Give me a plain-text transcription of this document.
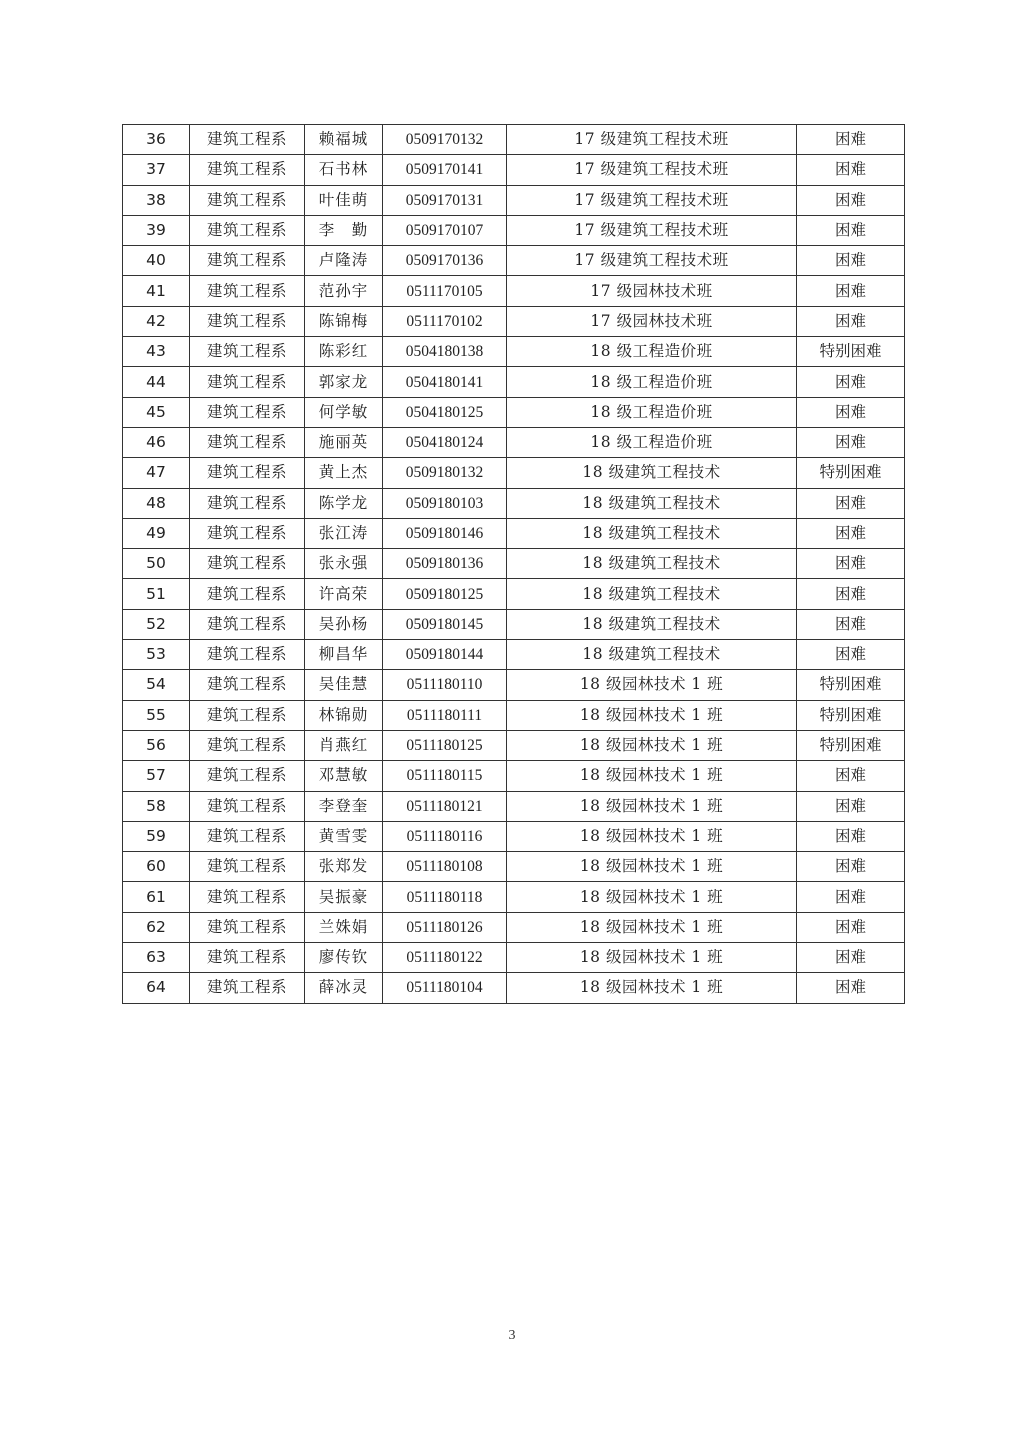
36	建筑工程系	赖福城	0509170132	17 级建筑工程技术班	困难
37	建筑工程系	石书林	0509170141	17 级建筑工程技术班	困难
38	建筑工程系	叶佳萌	0509170131	17 级建筑工程技术班	困难
39	建筑工程系	李　勤	0509170107	17 级建筑工程技术班	困难
40	建筑工程系	卢隆涛	0509170136	17 级建筑工程技术班	困难
41	建筑工程系	范孙宇	0511170105	17 级园林技术班	困难
42	建筑工程系	陈锦梅	0511170102	17 级园林技术班	困难
43	建筑工程系	陈彩红	0504180138	18 级工程造价班	特别困难
44	建筑工程系	郭家龙	0504180141	18 级工程造价班	困难
45	建筑工程系	何学敏	0504180125	18 级工程造价班	困难
46	建筑工程系	施丽英	0504180124	18 级工程造价班	困难
47	建筑工程系	黄上杰	0509180132	18 级建筑工程技术	特别困难
48	建筑工程系	陈学龙	0509180103	18 级建筑工程技术	困难
49	建筑工程系	张江涛	0509180146	18 级建筑工程技术	困难
50	建筑工程系	张永强	0509180136	18 级建筑工程技术	困难
51	建筑工程系	许高荣	0509180125	18 级建筑工程技术	困难
52	建筑工程系	吴孙杨	0509180145	18 级建筑工程技术	困难
53	建筑工程系	柳昌华	0509180144	18 级建筑工程技术	困难
54	建筑工程系	吴佳慧	0511180110	18 级园林技术 1 班	特别困难
55	建筑工程系	林锦勋	0511180111	18 级园林技术 1 班	特别困难
56	建筑工程系	肖燕红	0511180125	18 级园林技术 1 班	特别困难
57	建筑工程系	邓慧敏	0511180115	18 级园林技术 1 班	困难
58	建筑工程系	李登奎	0511180121	18 级园林技术 1 班	困难
59	建筑工程系	黄雪雯	0511180116	18 级园林技术 1 班	困难
60	建筑工程系	张郑发	0511180108	18 级园林技术 1 班	困难
61	建筑工程系	吴振豪	0511180118	18 级园林技术 1 班	困难
62	建筑工程系	兰姝娟	0511180126	18 级园林技术 1 班	困难
63	建筑工程系	廖传钦	0511180122	18 级园林技术 1 班	困难
64	建筑工程系	薛冰灵	0511180104	18 级园林技术 1 班	困难
3
